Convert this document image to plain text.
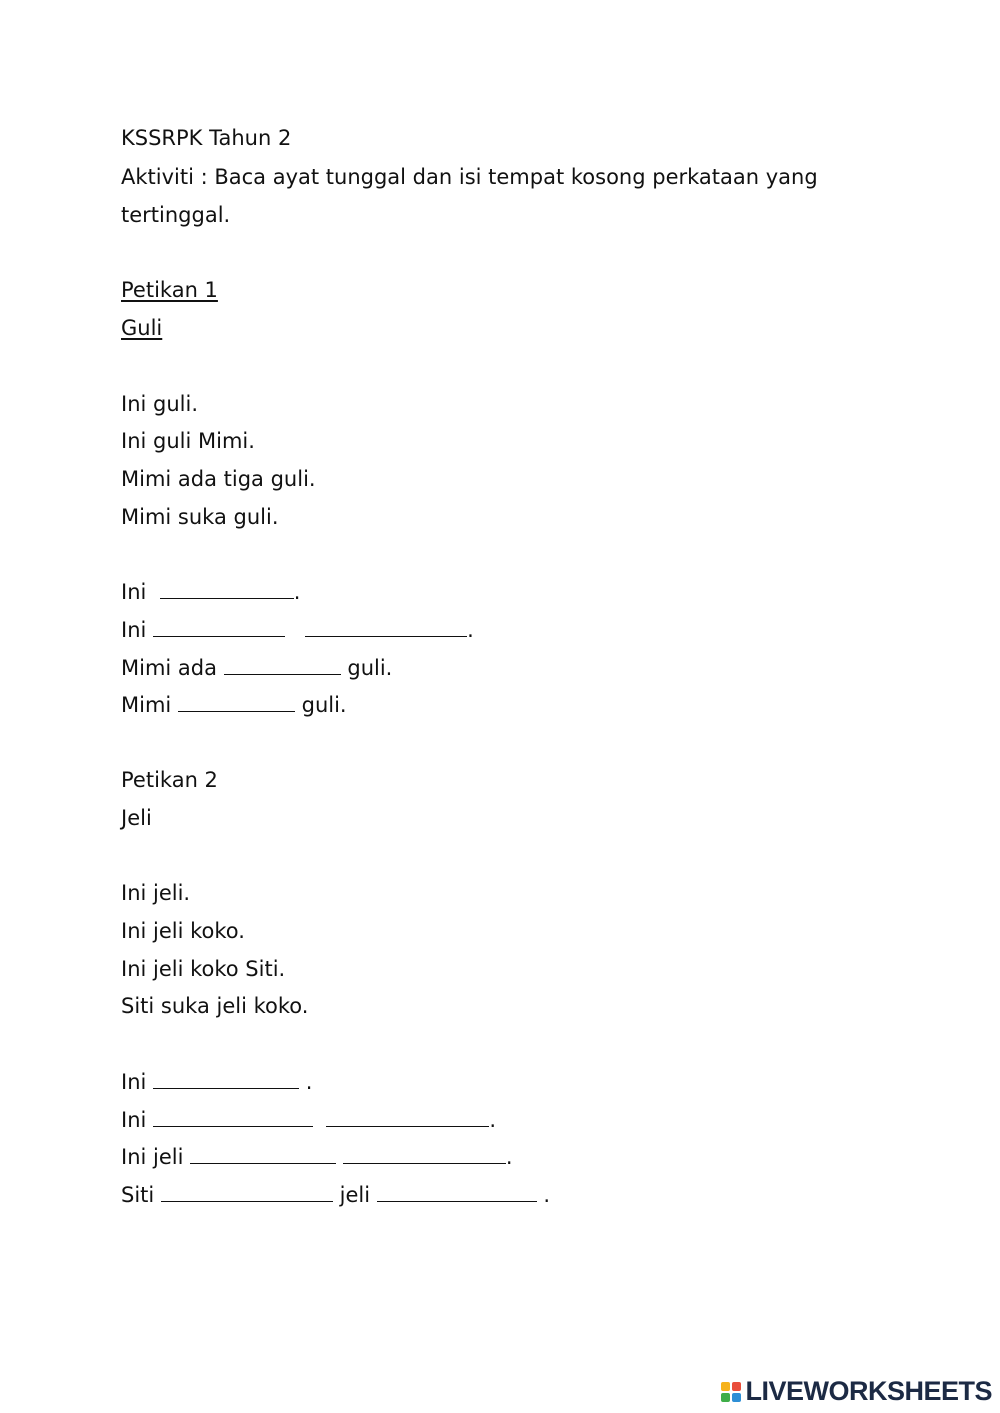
KSSRPK Tahun 2
Aktiviti : Baca ayat tunggal dan isi tempat kosong perkataan yang
tertinggal.
Petikan 1
Guli
Ini guli.
Ini guli Mimi.
Mimi ada tiga guli.
Mimi suka guli.
Ini	.
Ini	.
Mimi ada	guli.
Mimi	guli.
Petikan 2
Jeli
Ini jeli.
Ini jeli koko.
Ini jeli koko Siti.
Siti suka jeli koko.
Ini	.
Ini	.
Ini jeli	.
Siti	jeli	.
LIVEWORKSHEETS
